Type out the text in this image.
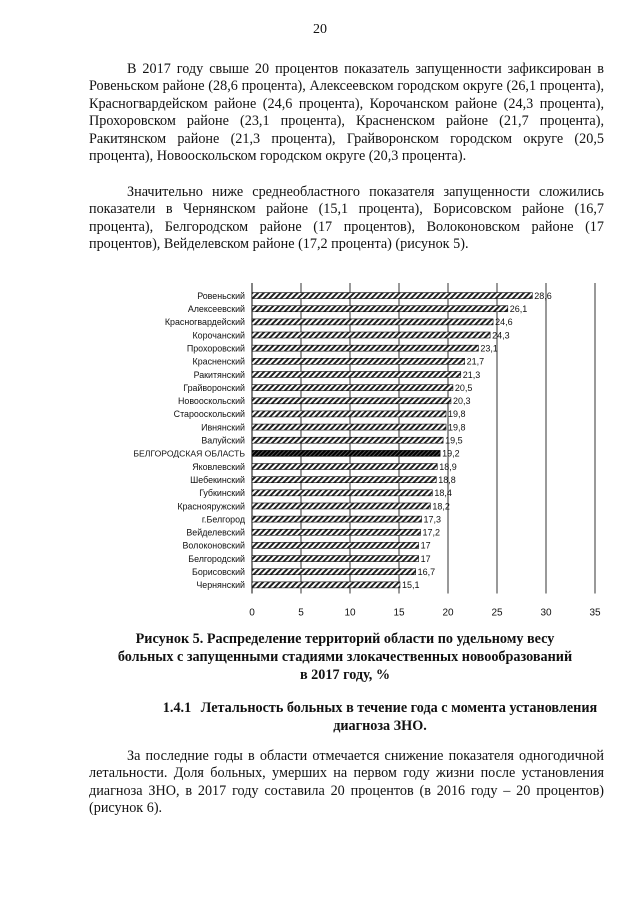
20

В 2017 году свыше 20 процентов показатель запущенности зафиксирован в Ровеньском районе (28,6 процента), Алексеевском городском округе (26,1 процента), Красногвардейском районе (24,6 процента), Корочанском районе (24,3 процента), Прохоровском районе (23,1 процента), Красненском районе (21,7 процента), Ракитянском районе (21,3 процента), Грайворонском городском округе (20,5 процента), Новооскольском городском округе (20,3 процента).

Значительно ниже среднеобластного показателя запущенности сложились показатели в Чернянском районе (15,1 процента), Борисовском районе (16,7 процента), Белгородском районе (17 процентов), Волоконовском районе (17 процентов), Вейделевском районе (17,2 процента) (рисунок 5).

0	5	10	15	20	25	30	35
Ровеньский	28,6
Алексеевский	26,1
Красногвардейский	24,6
Корочанский	24,3
Прохоровский	23,1
Красненский	21,7
Ракитянский	21,3
Грайворонский	20,5
Новооскольский	20,3
Старооскольский	19,8
Ивнянский	19,8
Валуйский	19,5
БЕЛГОРОДСКАЯ ОБЛАСТЬ	19,2
Яковлевский	18,9
Шебекинский	18,8
Губкинский	18,4
Краснояружский	18,2
г.Белгород	17,3
Вейделевский	17,2
Волоконовский	17
Белгородский	17
Борисовский	16,7
Чернянский	15,1
Рисунок 5. Распределение территорий области по удельному весу
больных с запущенными стадиями злокачественных новообразований
в 2017 году, %
1.4.1 Летальность больных в течение года с момента установления
диагноза ЗНО.

За последние годы в области отмечается снижение показателя одногодичной летальности. Доля больных, умерших на первом году жизни после установления диагноза ЗНО, в 2017 году составила 20 процентов (в 2016 году – 20 процентов) (рисунок 6).
